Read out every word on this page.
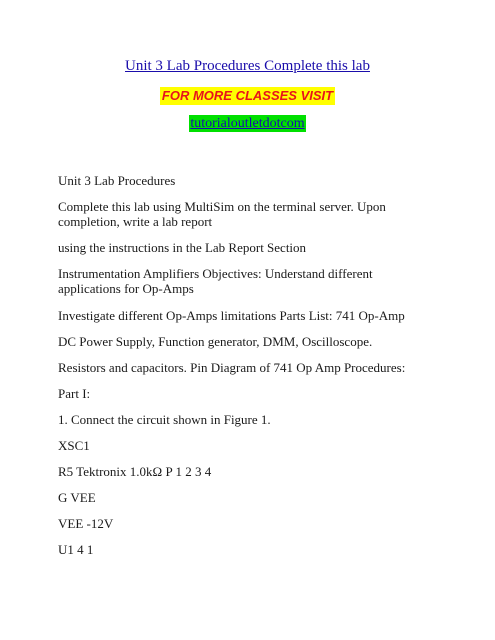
Unit 3 Lab Procedures Complete this lab
FOR MORE CLASSES VISIT
tutorialoutletdotcom
Unit 3 Lab Procedures
Complete this lab using MultiSim on the terminal server. Upon completion, write a lab report
using the instructions in the Lab Report Section
Instrumentation Amplifiers Objectives: Understand different applications for Op-Amps
Investigate different Op-Amps limitations Parts List: 741 Op-Amp
DC Power Supply, Function generator, DMM, Oscilloscope.
Resistors and capacitors. Pin Diagram of 741 Op Amp Procedures:
Part I:
1. Connect the circuit shown in Figure 1.
XSC1
R5 Tektronix 1.0kΩ P 1 2 3 4
G VEE
VEE -12V
U1 4 1
